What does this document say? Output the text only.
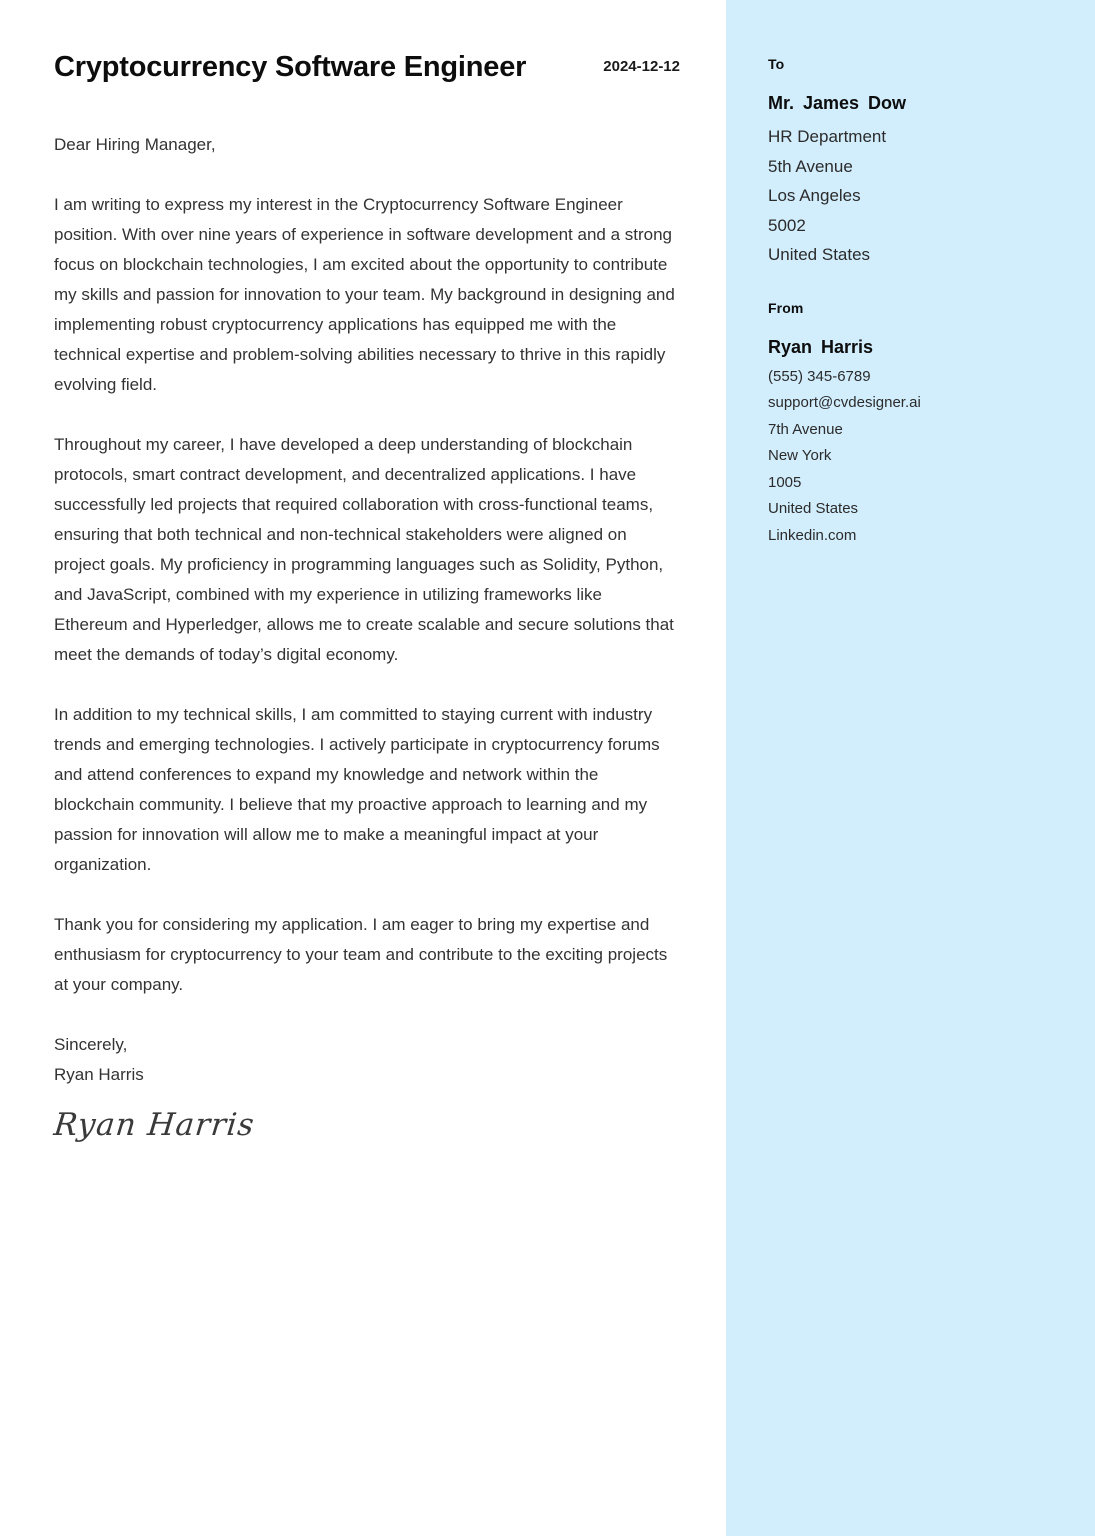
Cryptocurrency Software Engineer	2024-12-12

Dear Hiring Manager,

I am writing to express my interest in the Cryptocurrency Software Engineer position. With over nine years of experience in software development and a strong focus on blockchain technologies, I am excited about the opportunity to contribute my skills and passion for innovation to your team. My background in designing and implementing robust cryptocurrency applications has equipped me with the technical expertise and problem-solving abilities necessary to thrive in this rapidly evolving field.

Throughout my career, I have developed a deep understanding of blockchain protocols, smart contract development, and decentralized applications. I have successfully led projects that required collaboration with cross-functional teams, ensuring that both technical and non-technical stakeholders were aligned on project goals. My proficiency in programming languages such as Solidity, Python, and JavaScript, combined with my experience in utilizing frameworks like Ethereum and Hyperledger, allows me to create scalable and secure solutions that meet the demands of today’s digital economy.

In addition to my technical skills, I am committed to staying current with industry trends and emerging technologies. I actively participate in cryptocurrency forums and attend conferences to expand my knowledge and network within the blockchain community. I believe that my proactive approach to learning and my passion for innovation will allow me to make a meaningful impact at your organization.

Thank you for considering my application. I am eager to bring my expertise and enthusiasm for cryptocurrency to your team and contribute to the exciting projects at your company.

Sincerely,
Ryan Harris
Ryan Harris
To
Mr. James Dow
HR Department
5th Avenue
Los Angeles
5002
United States
From
Ryan Harris
(555) 345-6789
support@cvdesigner.ai
7th Avenue
New York
1005
United States
Linkedin.com
